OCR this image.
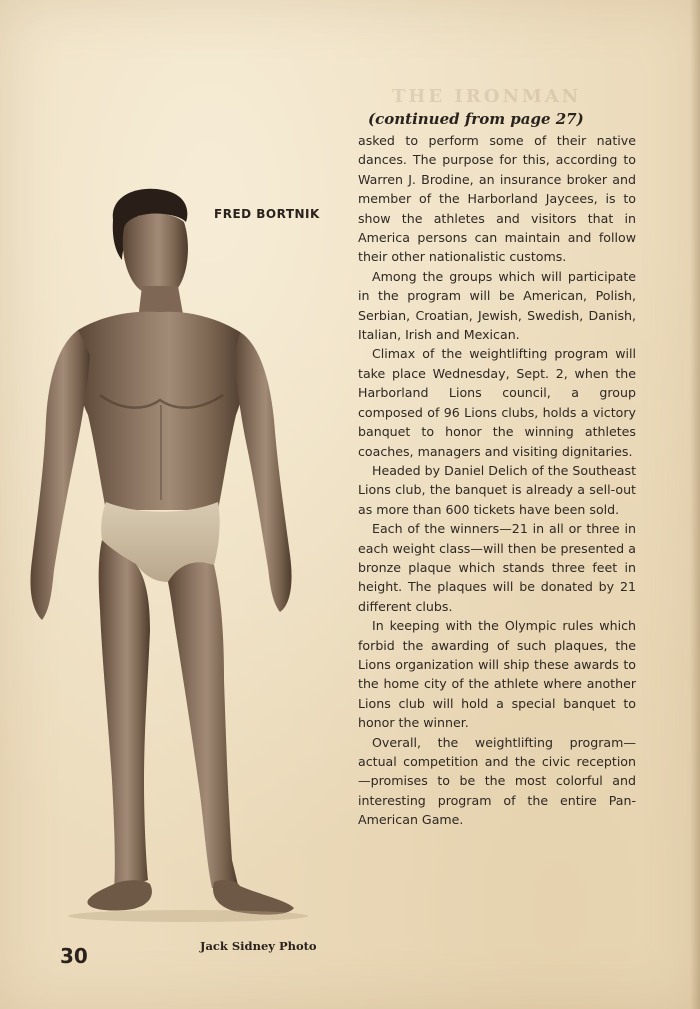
THE IRONMAN
FRED BORTNIK
Jack Sidney Photo
30
(continued from page 27)

asked to perform some of their native dances. The purpose for this, according to Warren J. Brodine, an insurance broker and member of the Harborland Jaycees, is to show the athletes and visitors that in America persons can maintain and follow their other nationalistic customs.

Among the groups which will participate in the program will be American, Polish, Serbian, Croatian, Jewish, Swedish, Danish, Italian, Irish and Mexican.

Climax of the weightlifting program will take place Wednesday, Sept. 2, when the Harborland Lions council, a group composed of 96 Lions clubs, holds a victory banquet to honor the winning athletes coaches, managers and visiting dignitaries.

Headed by Daniel Delich of the Southeast Lions club, the banquet is already a sell-out as more than 600 tickets have been sold.

Each of the winners—21 in all or three in each weight class—will then be presented a bronze plaque which stands three feet in height. The plaques will be donated by 21 different clubs.

In keeping with the Olympic rules which forbid the awarding of such plaques, the Lions organization will ship these awards to the home city of the athlete where another Lions club will hold a special banquet to honor the winner.

Overall, the weightlifting program—actual competition and the civic reception—promises to be the most colorful and interesting program of the entire Pan-American Game.
